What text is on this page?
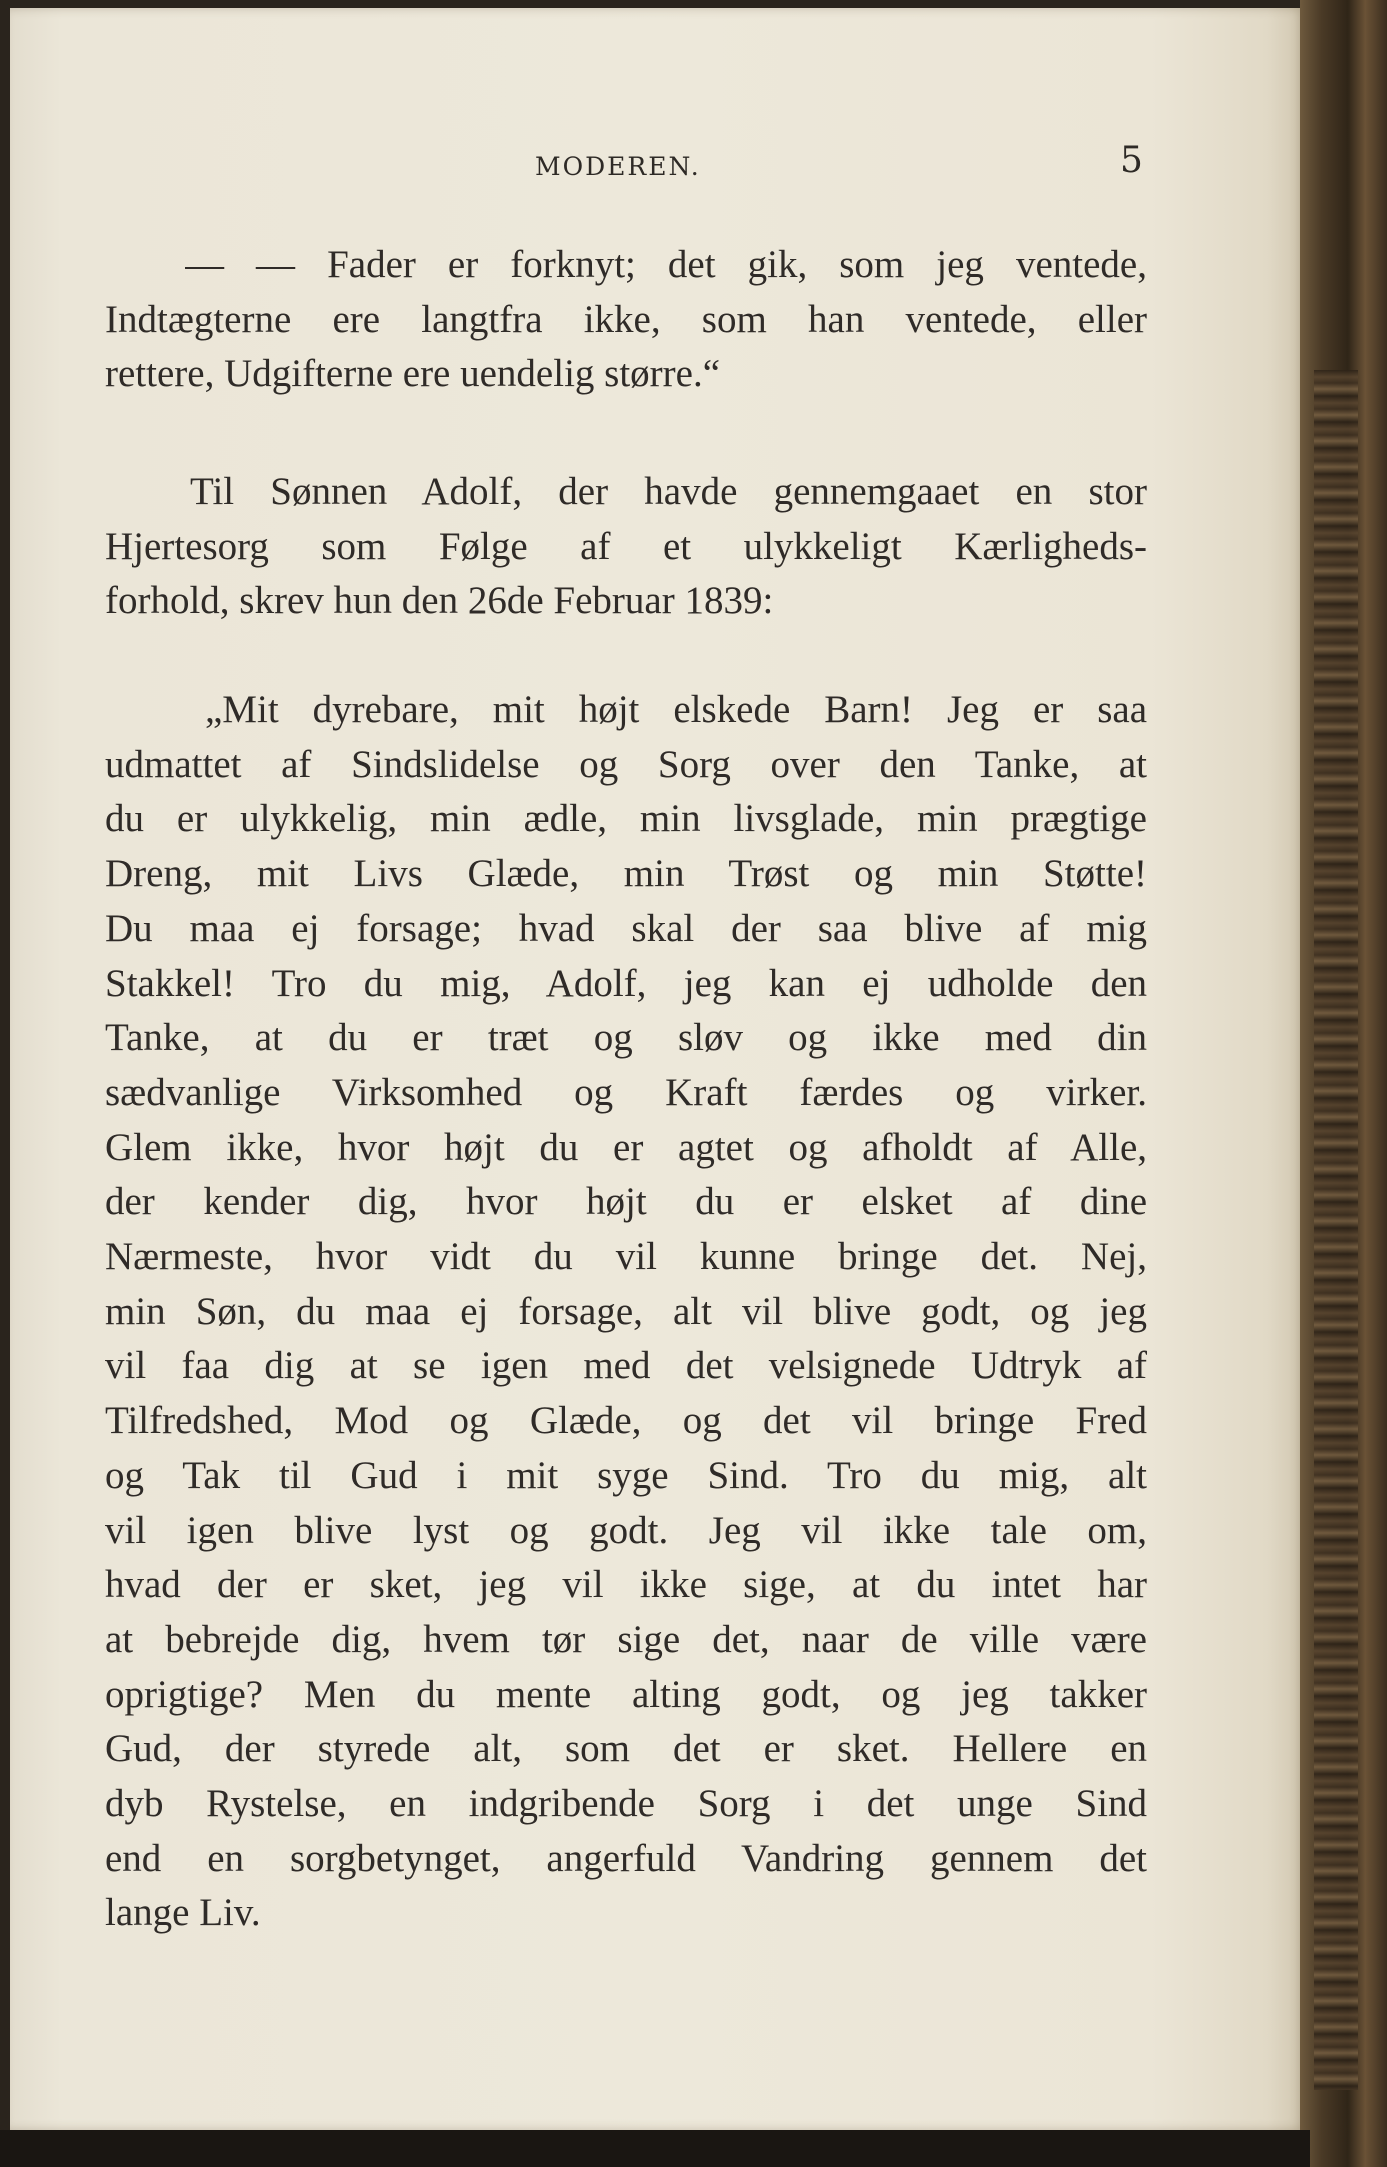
MODEREN.	5
— — Fader er forknyt; det gik, som jeg ventede,
Indtægterne ere langtfra ikke, som han ventede, eller
rettere, Udgifterne ere uendelig større.“
Til Sønnen Adolf, der havde gennemgaaet en stor
Hjertesorg som Følge af et ulykkeligt Kærligheds-
forhold, skrev hun den 26de Februar 1839:
„Mit dyrebare, mit højt elskede Barn! Jeg er saa
udmattet af Sindslidelse og Sorg over den Tanke, at
du er ulykkelig, min ædle, min livsglade, min prægtige
Dreng, mit Livs Glæde, min Trøst og min Støtte!
Du maa ej forsage; hvad skal der saa blive af mig
Stakkel! Tro du mig, Adolf, jeg kan ej udholde den
Tanke, at du er træt og sløv og ikke med din
sædvanlige Virksomhed og Kraft færdes og virker.
Glem ikke, hvor højt du er agtet og afholdt af Alle,
der kender dig, hvor højt du er elsket af dine
Nærmeste, hvor vidt du vil kunne bringe det. Nej,
min Søn, du maa ej forsage, alt vil blive godt, og jeg
vil faa dig at se igen med det velsignede Udtryk af
Tilfredshed, Mod og Glæde, og det vil bringe Fred
og Tak til Gud i mit syge Sind. Tro du mig, alt
vil igen blive lyst og godt. Jeg vil ikke tale om,
hvad der er sket, jeg vil ikke sige, at du intet har
at bebrejde dig, hvem tør sige det, naar de ville være
oprigtige? Men du mente alting godt, og jeg takker
Gud, der styrede alt, som det er sket. Hellere en
dyb Rystelse, en indgribende Sorg i det unge Sind
end en sorgbetynget, angerfuld Vandring gennem det
lange Liv.
